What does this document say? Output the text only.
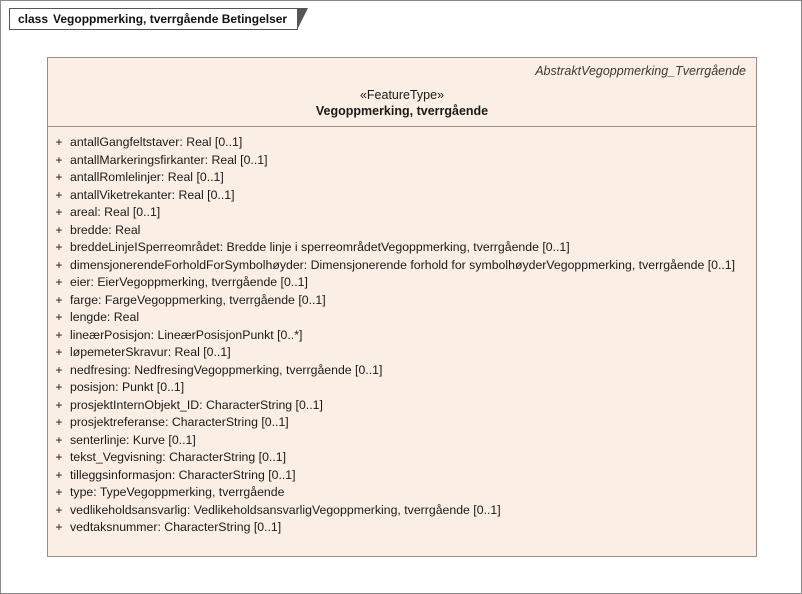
class Vegoppmerking, tverrgående Betingelser
AbstraktVegoppmerking_Tverrgående
«FeatureType»
Vegoppmerking, tverrgående
+ antallGangfeltstaver: Real [0..1]
+ antallMarkeringsfirkanter: Real [0..1]
+ antallRomlelinjer: Real [0..1]
+ antallViketrekanter: Real [0..1]
+ areal: Real [0..1]
+ bredde: Real
+ breddeLinjeISperreområdet: Bredde linje i sperreområdetVegoppmerking, tverrgående [0..1]
+ dimensjonerendeForholdForSymbolhøyder: Dimensjonerende forhold for symbolhøyderVegoppmerking, tverrgående [0..1]
+ eier: EierVegoppmerking, tverrgående [0..1]
+ farge: FargeVegoppmerking, tverrgående [0..1]
+ lengde: Real
+ lineærPosisjon: LineærPosisjonPunkt [0..*]
+ løpemeterSkravur: Real [0..1]
+ nedfresing: NedfresingVegoppmerking, tverrgående [0..1]
+ posisjon: Punkt [0..1]
+ prosjektInternObjekt_ID: CharacterString [0..1]
+ prosjektreferanse: CharacterString [0..1]
+ senterlinje: Kurve [0..1]
+ tekst_Vegvisning: CharacterString [0..1]
+ tilleggsinformasjon: CharacterString [0..1]
+ type: TypeVegoppmerking, tverrgående
+ vedlikeholdsansvarlig: VedlikeholdsansvarligVegoppmerking, tverrgående [0..1]
+ vedtaksnummer: CharacterString [0..1]
